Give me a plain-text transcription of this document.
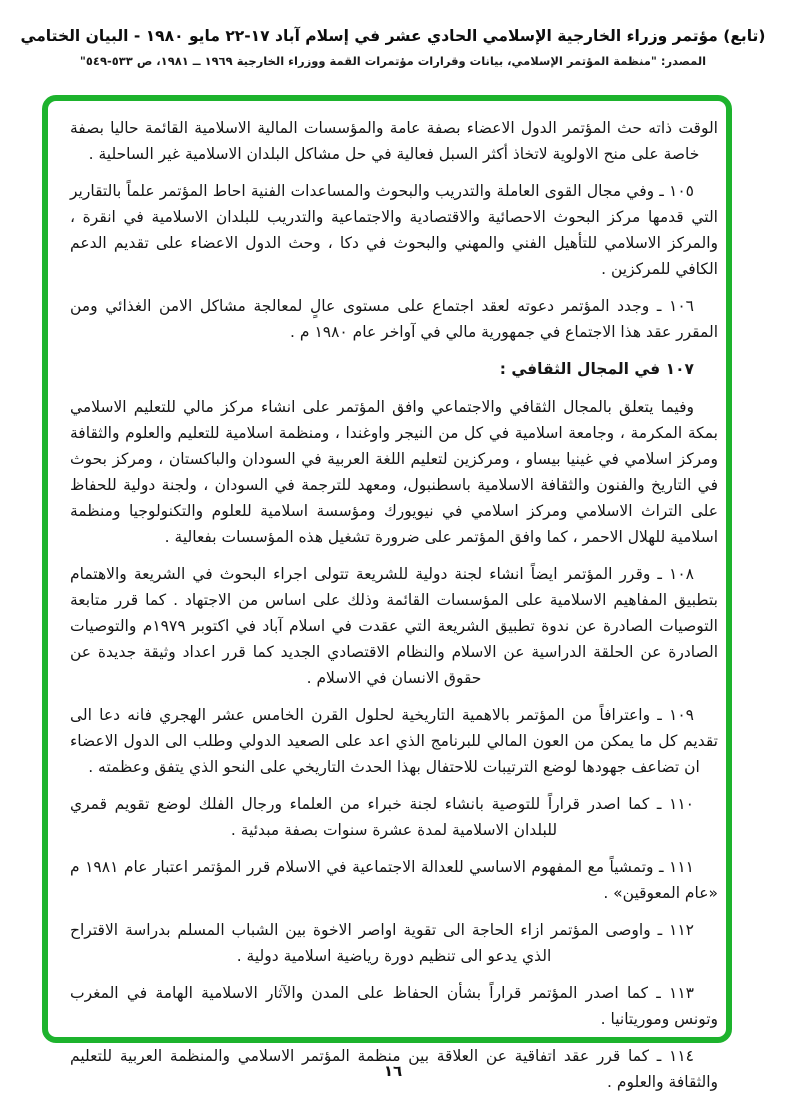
(تابع) مؤتمر وزراء الخارجية الإسلامي الحادي عشر في إسلام آباد ١٧-٢٢ مايو ١٩٨٠ - البيان الختامي
المصدر: "منظمة المؤتمر الإسلامي، بيانات وقرارات مؤتمرات القمة ووزراء الخارجية ١٩٦٩ ــ ١٩٨١، ص ٥٣٣-٥٤٩"

الوقت ذاته حث المؤتمر الدول الاعضاء بصفة عامة والمؤسسات المالية الاسلامية القائمة حاليا بصفة خاصة على منح الاولوية لاتخاذ أكثر السبل فعالية في حل مشاكل البلدان الاسلامية غير الساحلية .

١٠٥ ـ وفي مجال القوى العاملة والتدريب والبحوث والمساعدات الفنية احاط المؤتمر علماً بالتقارير التي قدمها مركز البحوث الاحصائية والاقتصادية والاجتماعية والتدريب للبلدان الاسلامية في انقرة ، والمركز الاسلامي للتأهيل الفني والمهني والبحوث في دكا ، وحث الدول الاعضاء على تقديم الدعم الكافي للمركزين .

١٠٦ ـ وجدد المؤتمر دعوته لعقد اجتماع على مستوى عالٍ لمعالجة مشاكل الامن الغذائي ومن المقرر عقد هذا الاجتماع في جمهورية مالي في آواخر عام ١٩٨٠ م .

١٠٧ في المجال الثقافي :

وفيما يتعلق بالمجال الثقافي والاجتماعي وافق المؤتمر على انشاء مركز مالي للتعليم الاسلامي بمكة المكرمة ، وجامعة اسلامية في كل من النيجر واوغندا ، ومنظمة اسلامية للتعليم والعلوم والثقافة ومركز اسلامي في غينيا بيساو ، ومركزين لتعليم اللغة العربية في السودان والباكستان ، ومركز بحوث في التاريخ والفنون والثقافة الاسلامية باسطنبول، ومعهد للترجمة في السودان ، ولجنة دولية للحفاظ على التراث الاسلامي ومركز اسلامي في نيويورك ومؤسسة اسلامية للعلوم والتكنولوجيا ومنظمة اسلامية للهلال الاحمر ، كما وافق المؤتمر على ضرورة تشغيل هذه المؤسسات بفعالية .

١٠٨ ـ وقرر المؤتمر ايضاً انشاء لجنة دولية للشريعة تتولى اجراء البحوث في الشريعة والاهتمام بتطبيق المفاهيم الاسلامية على المؤسسات القائمة وذلك على اساس من الاجتهاد . كما قرر متابعة التوصيات الصادرة عن ندوة تطبيق الشريعة التي عقدت في اسلام آباد في اكتوبر ١٩٧٩م والتوصيات الصادرة عن الحلقة الدراسية عن الاسلام والنظام الاقتصادي الجديد كما قرر اعداد وثيقة جديدة عن حقوق الانسان في الاسلام .

١٠٩ ـ واعترافاً من المؤتمر بالاهمية التاريخية لحلول القرن الخامس عشر الهجري فانه دعا الى تقديم كل ما يمكن من العون المالي للبرنامج الذي اعد على الصعيد الدولي وطلب الى الدول الاعضاء ان تضاعف جهودها لوضع الترتيبات للاحتفال بهذا الحدث التاريخي على النحو الذي يتفق وعظمته .

١١٠ ـ كما اصدر قراراً للتوصية بانشاء لجنة خبراء من العلماء ورجال الفلك لوضع تقويم قمري للبلدان الاسلامية لمدة عشرة سنوات بصفة مبدئية .

١١١ ـ وتمشياً مع المفهوم الاساسي للعدالة الاجتماعية في الاسلام قرر المؤتمر اعتبار عام ١٩٨١ م «عام المعوقين» .

١١٢ ـ واوصى المؤتمر ازاء الحاجة الى تقوية اواصر الاخوة بين الشباب المسلم بدراسة الاقتراح الذي يدعو الى تنظيم دورة رياضية اسلامية دولية .

١١٣ ـ كما اصدر المؤتمر قراراً بشأن الحفاظ على المدن والآثار الاسلامية الهامة في المغرب وتونس وموريتانيا .

١١٤ ـ كما قرر عقد اتفاقية عن العلاقة بين منظمة المؤتمر الاسلامي والمنظمة العربية للتعليم والثقافة والعلوم .

١٦
